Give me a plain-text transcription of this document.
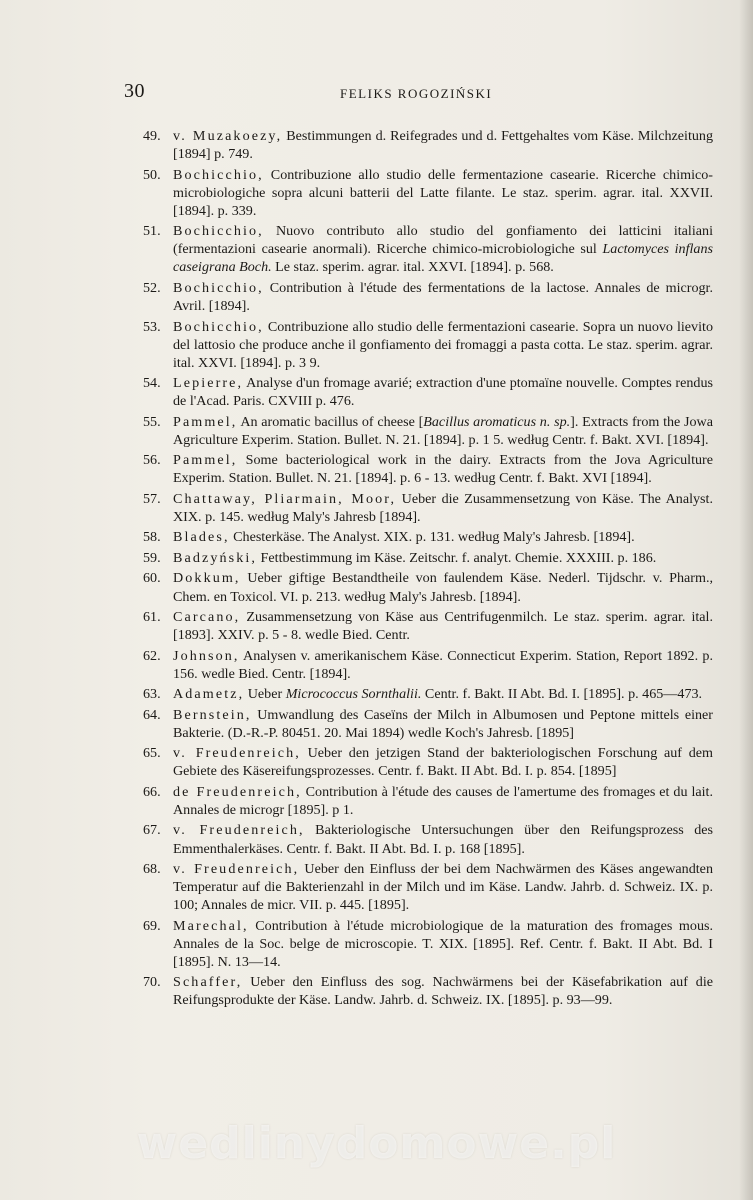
30	FELIKS ROGOZIŃSKI
49. v. Muzakoezy, Bestimmungen d. Reifegrades und d. Fettgehaltes vom Käse. Milchzeitung [1894] p. 749.
50. Bochicchio, Contribuzione allo studio delle fermentazione casearie. Ricerche chimico-microbiologiche sopra alcuni batterii del Latte filante. Le staz. sperim. agrar. ital. XXVII. [1894]. p. 339.
51. Bochicchio, Nuovo contributo allo studio del gonfiamento dei latticini italiani (fermentazioni casearie anormali). Ricerche chimico-microbiologiche sul Lactomyces inflans caseigrana Boch. Le staz. sperim. agrar. ital. XXVI. [1894]. p. 568.
52. Bochicchio, Contribution à l'étude des fermentations de la lactose. Annales de microgr. Avril. [1894].
53. Bochicchio, Contribuzione allo studio delle fermentazioni casearie. Sopra un nuovo lievito del lattosio che produce anche il gonfiamento dei fromaggi a pasta cotta. Le staz. sperim. agrar. ital. XXVI. [1894]. p. 3 9.
54. Lepierre, Analyse d'un fromage avarié; extraction d'une ptomaïne nouvelle. Comptes rendus de l'Acad. Paris. CXVIII p. 476.
55. Pammel, An aromatic bacillus of cheese [Bacillus aromaticus n. sp.]. Extracts from the Jowa Agriculture Experim. Station. Bullet. N. 21. [1894]. p. 1 5. według Centr. f. Bakt. XVI. [1894].
56. Pammel, Some bacteriological work in the dairy. Extracts from the Jova Agriculture Experim. Station. Bullet. N. 21. [1894]. p. 6 - 13. według Centr. f. Bakt. XVI [1894].
57. Chattaway, Pliarmain, Moor, Ueber die Zusammensetzung von Käse. The Analyst. XIX. p. 145. według Maly's Jahresb [1894].
58. Blades, Chesterkäse. The Analyst. XIX. p. 131. według Maly's Jahresb. [1894].
59. Badzyński, Fettbestimmung im Käse. Zeitschr. f. analyt. Chemie. XXXIII. p. 186.
60. Dokkum, Ueber giftige Bestandtheile von faulendem Käse. Nederl. Tijdschr. v. Pharm., Chem. en Toxicol. VI. p. 213. według Maly's Jahresb. [1894].
61. Carcano, Zusammensetzung von Käse aus Centrifugenmilch. Le staz. sperim. agrar. ital. [1893]. XXIV. p. 5 - 8. wedle Bied. Centr.
62. Johnson, Analysen v. amerikanischem Käse. Connecticut Experim. Station, Report 1892. p. 156. wedle Bied. Centr. [1894].
63. Adametz, Ueber Micrococcus Sornthalii. Centr. f. Bakt. II Abt. Bd. I. [1895]. p. 465—473.
64. Bernstein, Umwandlung des Caseïns der Milch in Albumosen und Peptone mittels einer Bakterie. (D.-R.-P. 80451. 20. Mai 1894) wedle Koch's Jahresb. [1895]
65. v. Freudenreich, Ueber den jetzigen Stand der bakteriologischen Forschung auf dem Gebiete des Käsereifungsprozesses. Centr. f. Bakt. II Abt. Bd. I. p. 854. [1895]
66. de Freudenreich, Contribution à l'étude des causes de l'amertume des fromages et du lait. Annales de microgr [1895]. p 1.
67. v. Freudenreich, Bakteriologische Untersuchungen über den Reifungsprozess des Emmenthalerkäses. Centr. f. Bakt. II Abt. Bd. I. p. 168 [1895].
68. v. Freudenreich, Ueber den Einfluss der bei dem Nachwärmen des Käses angewandten Temperatur auf die Bakterienzahl in der Milch und im Käse. Landw. Jahrb. d. Schweiz. IX. p. 100; Annales de micr. VII. p. 445. [1895].
69. Marechal, Contribution à l'étude microbiologique de la maturation des fromages mous. Annales de la Soc. belge de microscopie. T. XIX. [1895]. Ref. Centr. f. Bakt. II Abt. Bd. I [1895]. N. 13—14.
70. Schaffer, Ueber den Einfluss des sog. Nachwärmens bei der Käsefabrikation auf die Reifungsprodukte der Käse. Landw. Jahrb. d. Schweiz. IX. [1895]. p. 93—99.
wedlinydomowe.pl
